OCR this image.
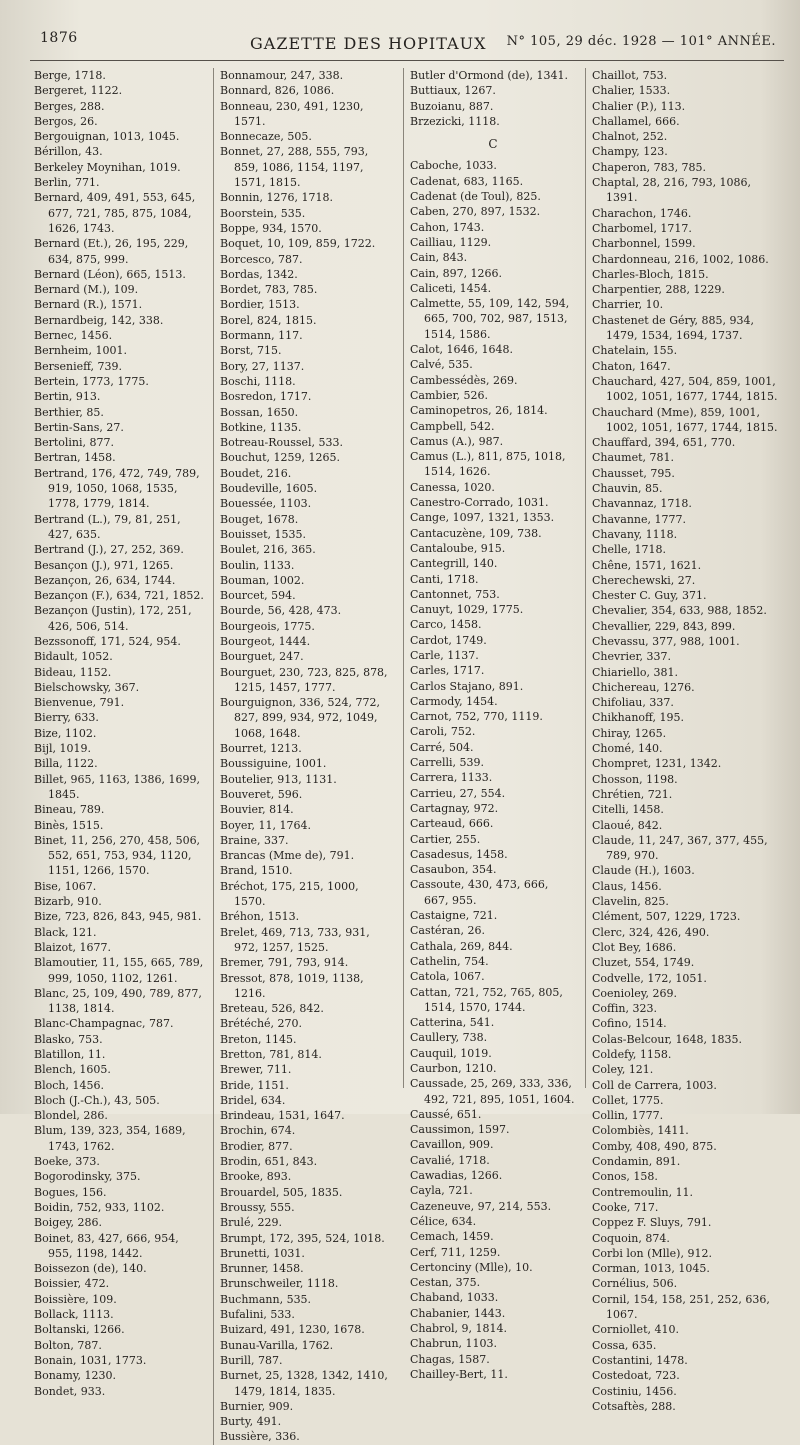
1876	GAZETTE DES HOPITAUX N° 105, 29 déc. 1928 — 101° ANNÉE.

Berge, 1718.

Bergeret, 1122.

Berges, 288.

Bergos, 26.

Bergouignan, 1013, 1045.

Bérillon, 43.

Berkeley Moynihan, 1019.

Berlin, 771.

Bernard, 409, 491, 553, 645, 677, 721, 785, 875, 1084, 1626, 1743.

Bernard (Et.), 26, 195, 229, 634, 875, 999.

Bernard (Léon), 665, 1513.

Bernard (M.), 109.

Bernard (R.), 1571.

Bernardbeig, 142, 338.

Bernec, 1456.

Bernheim, 1001.

Bersenieff, 739.

Bertein, 1773, 1775.

Bertin, 913.

Berthier, 85.

Bertin-Sans, 27.

Bertolini, 877.

Bertran, 1458.

Bertrand, 176, 472, 749, 789, 919, 1050, 1068, 1535, 1778, 1779, 1814.

Bertrand (L.), 79, 81, 251, 427, 635.

Bertrand (J.), 27, 252, 369.

Besançon (J.), 971, 1265.

Bezançon, 26, 634, 1744.

Bezançon (F.), 634, 721, 1852.

Bezançon (Justin), 172, 251, 426, 506, 514.

Bezssonoff, 171, 524, 954.

Bidault, 1052.

Bideau, 1152.

Bielschowsky, 367.

Bienvenue, 791.

Bierry, 633.

Bize, 1102.

Bijl, 1019.

Billa, 1122.

Billet, 965, 1163, 1386, 1699, 1845.

Bineau, 789.

Binès, 1515.

Binet, 11, 256, 270, 458, 506, 552, 651, 753, 934, 1120, 1151, 1266, 1570.

Bise, 1067.

Bizarb, 910.

Bize, 723, 826, 843, 945, 981.

Black, 121.

Blaizot, 1677.

Blamoutier, 11, 155, 665, 789, 999, 1050, 1102, 1261.

Blanc, 25, 109, 490, 789, 877, 1138, 1814.

Blanc-Champagnac, 787.

Blasko, 753.

Blatillon, 11.

Blench, 1605.

Bloch, 1456.

Bloch (J.-Ch.), 43, 505.

Blondel, 286.

Blum, 139, 323, 354, 1689, 1743, 1762.

Boeke, 373.

Bogorodinsky, 375.

Bogues, 156.

Boidin, 752, 933, 1102.

Boigey, 286.

Boinet, 83, 427, 666, 954, 955, 1198, 1442.

Boissezon (de), 140.

Boissier, 472.

Boissière, 109.

Bollack, 1113.

Boltanski, 1266.

Bolton, 787.

Bonain, 1031, 1773.

Bonamy, 1230.

Bondet, 933.

Bonnamour, 247, 338.

Bonnard, 826, 1086.

Bonneau, 230, 491, 1230, 1571.

Bonnecaze, 505.

Bonnet, 27, 288, 555, 793, 859, 1086, 1154, 1197, 1571, 1815.

Bonnin, 1276, 1718.

Boorstein, 535.

Boppe, 934, 1570.

Boquet, 10, 109, 859, 1722.

Borcesco, 787.

Bordas, 1342.

Bordet, 783, 785.

Bordier, 1513.

Borel, 824, 1815.

Bormann, 117.

Borst, 715.

Bory, 27, 1137.

Boschi, 1118.

Bosredon, 1717.

Bossan, 1650.

Botkine, 1135.

Botreau-Roussel, 533.

Bouchut, 1259, 1265.

Boudet, 216.

Boudeville, 1605.

Bouessée, 1103.

Bouget, 1678.

Bouisset, 1535.

Boulet, 216, 365.

Boulin, 1133.

Bouman, 1002.

Bourcet, 594.

Bourde, 56, 428, 473.

Bourgeois, 1775.

Bourgeot, 1444.

Bourguet, 247.

Bourguet, 230, 723, 825, 878, 1215, 1457, 1777.

Bourguignon, 336, 524, 772, 827, 899, 934, 972, 1049, 1068, 1648.

Bourret, 1213.

Boussiguine, 1001.

Boutelier, 913, 1131.

Bouveret, 596.

Bouvier, 814.

Boyer, 11, 1764.

Braine, 337.

Brancas (Mme de), 791.

Brand, 1510.

Bréchot, 175, 215, 1000, 1570.

Bréhon, 1513.

Brelet, 469, 713, 733, 931, 972, 1257, 1525.

Bremer, 791, 793, 914.

Bressot, 878, 1019, 1138, 1216.

Breteau, 526, 842.

Brétéché, 270.

Breton, 1145.

Bretton, 781, 814.

Brewer, 711.

Bride, 1151.

Bridel, 634.

Brindeau, 1531, 1647.

Brochin, 674.

Brodier, 877.

Brodin, 651, 843.

Brooke, 893.

Brouardel, 505, 1835.

Broussy, 555.

Brulé, 229.

Brumpt, 172, 395, 524, 1018.

Brunetti, 1031.

Brunner, 1458.

Brunschweiler, 1118.

Buchmann, 535.

Bufalini, 533.

Buizard, 491, 1230, 1678.

Bunau-Varilla, 1762.

Burill, 787.

Burnet, 25, 1328, 1342, 1410, 1479, 1814, 1835.

Burnier, 909.

Burty, 491.

Bussière, 336.

Butler d'Ormond (de), 1341.

Buttiaux, 1267.

Buzoianu, 887.

Brzezicki, 1118.

C

Caboche, 1033.

Cadenat, 683, 1165.

Cadenat (de Toul), 825.

Caben, 270, 897, 1532.

Cahon, 1743.

Cailliau, 1129.

Cain, 843.

Cain, 897, 1266.

Caliceti, 1454.

Calmette, 55, 109, 142, 594, 665, 700, 702, 987, 1513, 1514, 1586.

Calot, 1646, 1648.

Calvé, 535.

Cambessédès, 269.

Cambier, 526.

Caminopetros, 26, 1814.

Campbell, 542.

Camus (A.), 987.

Camus (L.), 811, 875, 1018, 1514, 1626.

Canessa, 1020.

Canestro-Corrado, 1031.

Cange, 1097, 1321, 1353.

Cantacuzène, 109, 738.

Cantaloube, 915.

Cantegrill, 140.

Canti, 1718.

Cantonnet, 753.

Canuyt, 1029, 1775.

Carco, 1458.

Cardot, 1749.

Carle, 1137.

Carles, 1717.

Carlos Stajano, 891.

Carmody, 1454.

Carnot, 752, 770, 1119.

Caroli, 752.

Carré, 504.

Carrelli, 539.

Carrera, 1133.

Carrieu, 27, 554.

Cartagnay, 972.

Carteaud, 666.

Cartier, 255.

Casadesus, 1458.

Casaubon, 354.

Cassoute, 430, 473, 666, 667, 955.

Castaigne, 721.

Castéran, 26.

Cathala, 269, 844.

Cathelin, 754.

Catola, 1067.

Cattan, 721, 752, 765, 805, 1514, 1570, 1744.

Catterina, 541.

Caullery, 738.

Cauquil, 1019.

Caurbon, 1210.

Caussade, 25, 269, 333, 336, 492, 721, 895, 1051, 1604.

Caussé, 651.

Caussimon, 1597.

Cavaillon, 909.

Cavalié, 1718.

Cawadias, 1266.

Cayla, 721.

Cazeneuve, 97, 214, 553.

Célice, 634.

Cemach, 1459.

Cerf, 711, 1259.

Certonciny (Mlle), 10.

Cestan, 375.

Chaband, 1033.

Chabanier, 1443.

Chabrol, 9, 1814.

Chabrun, 1103.

Chagas, 1587.

Chailley-Bert, 11.

Chaillot, 753.

Chalier, 1533.

Chalier (P.), 113.

Challamel, 666.

Chalnot, 252.

Champy, 123.

Chaperon, 783, 785.

Chaptal, 28, 216, 793, 1086, 1391.

Charachon, 1746.

Charbomel, 1717.

Charbonnel, 1599.

Chardonneau, 216, 1002, 1086.

Charles-Bloch, 1815.

Charpentier, 288, 1229.

Charrier, 10.

Chastenet de Géry, 885, 934, 1479, 1534, 1694, 1737.

Chatelain, 155.

Chaton, 1647.

Chauchard, 427, 504, 859, 1001, 1002, 1051, 1677, 1744, 1815.

Chauchard (Mme), 859, 1001, 1002, 1051, 1677, 1744, 1815.

Chauffard, 394, 651, 770.

Chaumet, 781.

Chausset, 795.

Chauvin, 85.

Chavannaz, 1718.

Chavanne, 1777.

Chavany, 1118.

Chelle, 1718.

Chêne, 1571, 1621.

Cherechewski, 27.

Chester C. Guy, 371.

Chevalier, 354, 633, 988, 1852.

Chevallier, 229, 843, 899.

Chevassu, 377, 988, 1001.

Chevrier, 337.

Chiariello, 381.

Chichereau, 1276.

Chifoliau, 337.

Chikhanoff, 195.

Chiray, 1265.

Chomé, 140.

Chompret, 1231, 1342.

Chosson, 1198.

Chrétien, 721.

Citelli, 1458.

Claoué, 842.

Claude, 11, 247, 367, 377, 455, 789, 970.

Claude (H.), 1603.

Claus, 1456.

Clavelin, 825.

Clément, 507, 1229, 1723.

Clerc, 324, 426, 490.

Clot Bey, 1686.

Cluzet, 554, 1749.

Codvelle, 172, 1051.

Coenioley, 269.

Coffin, 323.

Cofino, 1514.

Colas-Belcour, 1648, 1835.

Coldefy, 1158.

Coley, 121.

Coll de Carrera, 1003.

Collet, 1775.

Collin, 1777.

Colombiès, 1411.

Comby, 408, 490, 875.

Condamin, 891.

Conos, 158.

Contremoulin, 11.

Cooke, 717.

Coppez F. Sluys, 791.

Coquoin, 874.

Corbi lon (Mlle), 912.

Corman, 1013, 1045.

Cornélius, 506.

Cornil, 154, 158, 251, 252, 636, 1067.

Corniollet, 410.

Cossa, 635.

Costantini, 1478.

Costedoat, 723.

Costiniu, 1456.

Cotsaftès, 288.
